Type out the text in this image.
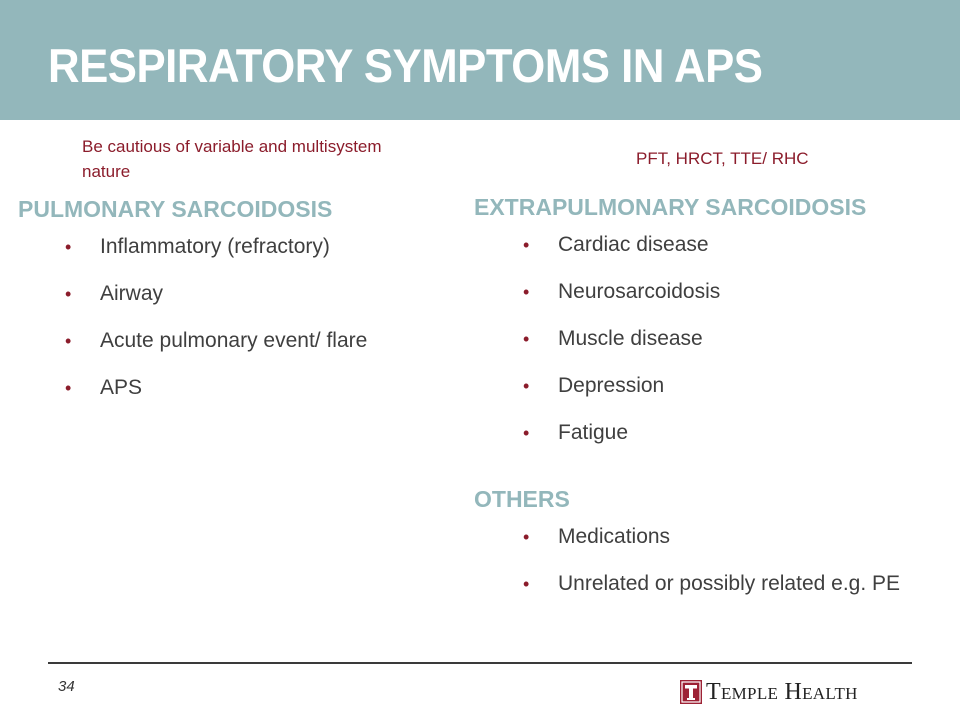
RESPIRATORY SYMPTOMS IN APS
Be cautious of variable and multisystem nature
PFT, HRCT, TTE/ RHC
PULMONARY SARCOIDOSIS
• Inflammatory (refractory)
• Airway
• Acute pulmonary event/ flare
• APS
EXTRAPULMONARY SARCOIDOSIS
• Cardiac disease
• Neurosarcoidosis
• Muscle disease
• Depression
• Fatigue
OTHERS
• Medications
• Unrelated or possibly related e.g. PE
34	Temple Health
